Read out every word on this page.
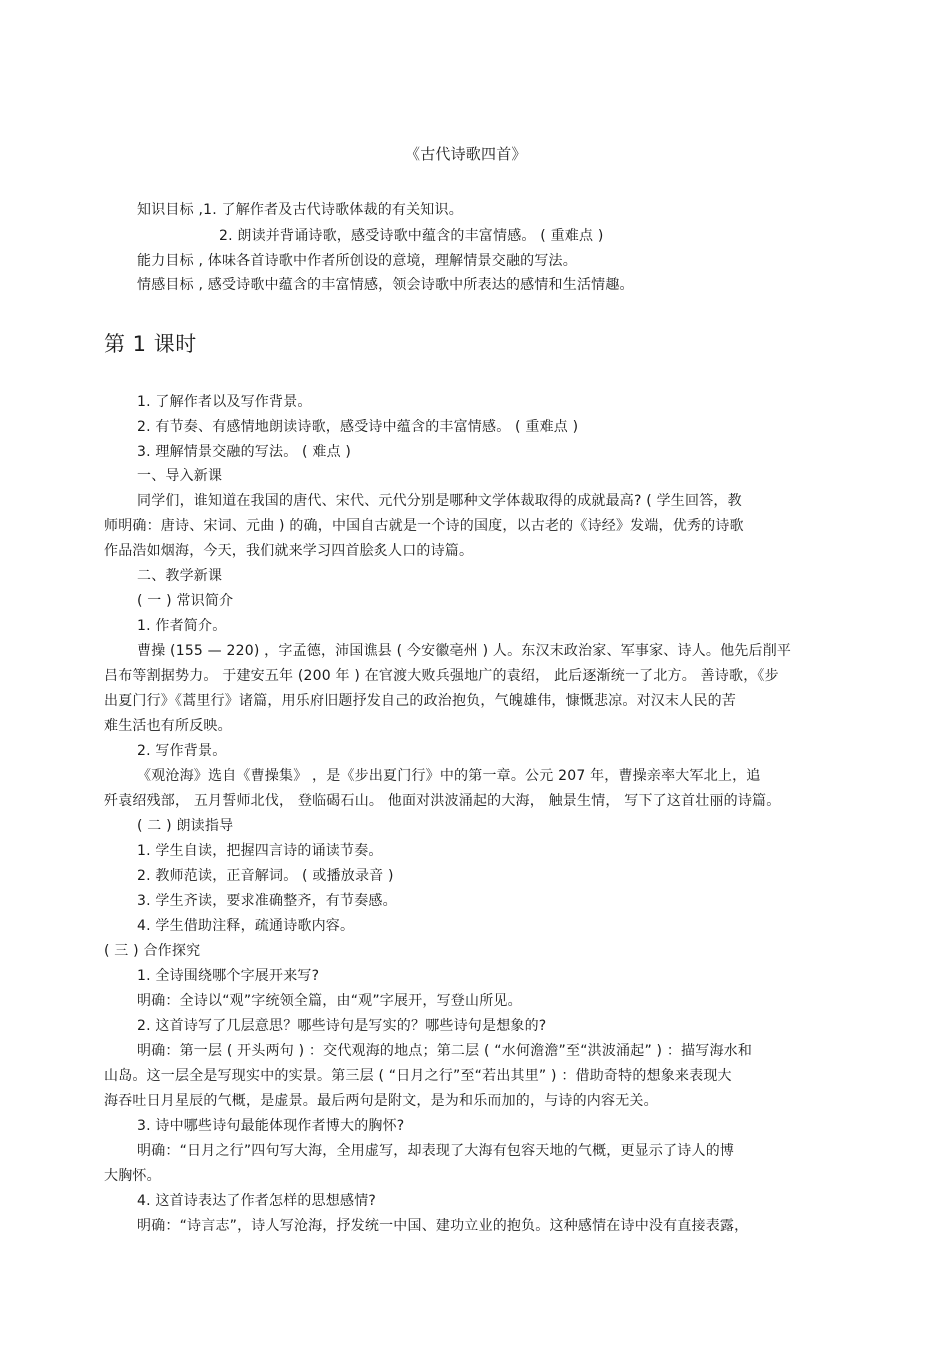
《古代诗歌四首》

知识目标 ,1. 了解作者及古代诗歌体裁的有关知识。

2. 朗读并背诵诗歌，感受诗歌中蕴含的丰富情感。 ( 重难点 )

能力目标 , 体味各首诗歌中作者所创设的意境，理解情景交融的写法。

情感目标 , 感受诗歌中蕴含的丰富情感，领会诗歌中所表达的感情和生活情趣。

第 1 课时

1. 了解作者以及写作背景。

2. 有节奏、有感情地朗读诗歌，感受诗中蕴含的丰富情感。 ( 重难点 )

3. 理解情景交融的写法。 ( 难点 )

一、导入新课

同学们，谁知道在我国的唐代、宋代、元代分别是哪种文学体裁取得的成就最高? ( 学生回答，教

师明确：唐诗、宋词、元曲 ) 的确，中国自古就是一个诗的国度，以古老的《诗经》发端，优秀的诗歌

作品浩如烟海，今天，我们就来学习四首脍炙人口的诗篇。

二、教学新课

( 一 ) 常识简介

1. 作者简介。

曹操 (155 — 220) ，字孟德，沛国谯县 ( 今安徽亳州 ) 人。东汉末政治家、军事家、诗人。他先后削平

吕布等割据势力。 于建安五年 (200 年 ) 在官渡大败兵强地广的袁绍， 此后逐渐统一了北方。 善诗歌，《步

出夏门行》《蒿里行》诸篇，用乐府旧题抒发自己的政治抱负，气魄雄伟，慷慨悲凉。对汉末人民的苦

难生活也有所反映。

2. 写作背景。

《观沧海》选自《曹操集》 ，是《步出夏门行》中的第一章。公元 207 年，曹操亲率大军北上，追

歼袁绍残部， 五月誓师北伐， 登临碣石山。 他面对洪波涌起的大海， 触景生情， 写下了这首壮丽的诗篇。

( 二 ) 朗读指导

1. 学生自读，把握四言诗的诵读节奏。

2. 教师范读，正音解词。 ( 或播放录音 )

3. 学生齐读，要求准确整齐，有节奏感。

4. 学生借助注释，疏通诗歌内容。

( 三 ) 合作探究

1. 全诗围绕哪个字展开来写?

明确：全诗以“观”字统领全篇，由“观”字展开，写登山所见。

2. 这首诗写了几层意思？哪些诗句是写实的？哪些诗句是想象的?

明确：第一层 ( 开头两句 ) ：交代观海的地点；第二层 ( “水何澹澹”至“洪波涌起” ) ：描写海水和

山岛。这一层全是写现实中的实景。第三层 ( “日月之行”至“若出其里” ) ：借助奇特的想象来表现大

海吞吐日月星辰的气概，是虚景。最后两句是附文，是为和乐而加的，与诗的内容无关。

3. 诗中哪些诗句最能体现作者博大的胸怀?

明确：“日月之行”四句写大海，全用虚写，却表现了大海有包容天地的气概，更显示了诗人的博

大胸怀。

4. 这首诗表达了作者怎样的思想感情?

明确：“诗言志”，诗人写沧海，抒发统一中国、建功立业的抱负。这种感情在诗中没有直接表露，
